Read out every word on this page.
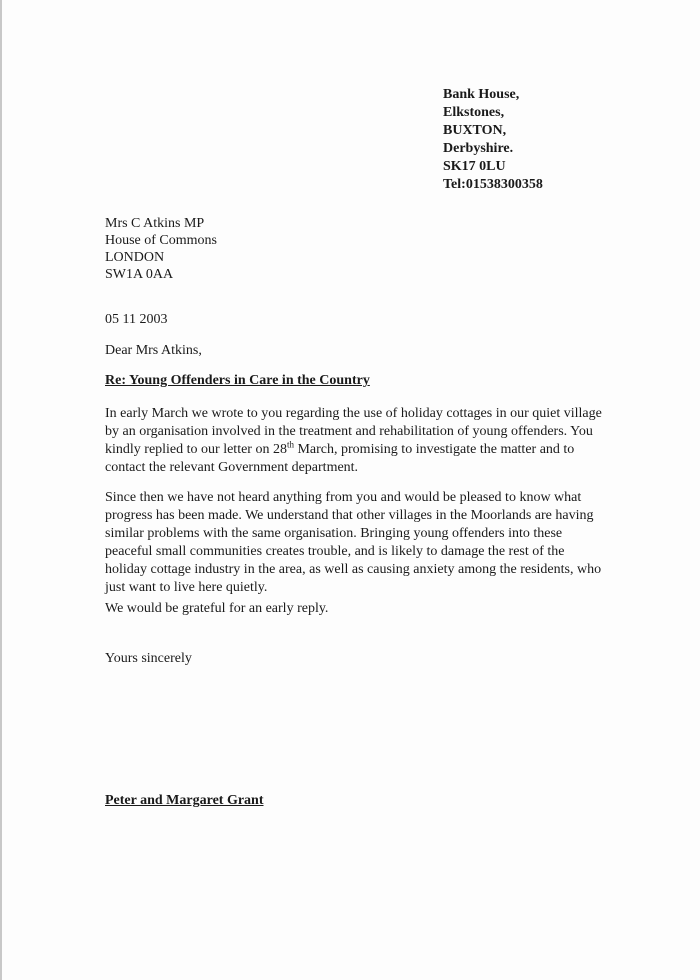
Bank House,
Elkstones,
BUXTON,
Derbyshire.
SK17 0LU
Tel:01538300358
Mrs C Atkins MP
House of Commons
LONDON
SW1A 0AA
05 11 2003
Dear Mrs Atkins,
Re: Young Offenders in Care in the Country
In early March we wrote to you regarding the use of holiday cottages in our quiet village by an organisation involved in the treatment and rehabilitation of young offenders. You kindly replied to our letter on 28th March, promising to investigate the matter and to contact the relevant Government department.
Since then we have not heard anything from you and would be pleased to know what progress has been made. We understand that other villages in the Moorlands are having similar problems with the same organisation. Bringing young offenders into these peaceful small communities creates trouble, and is likely to damage the rest of the holiday cottage industry in the area, as well as causing anxiety among the residents, who just want to live here quietly.
We would be grateful for an early reply.
Yours sincerely
Peter and Margaret Grant
